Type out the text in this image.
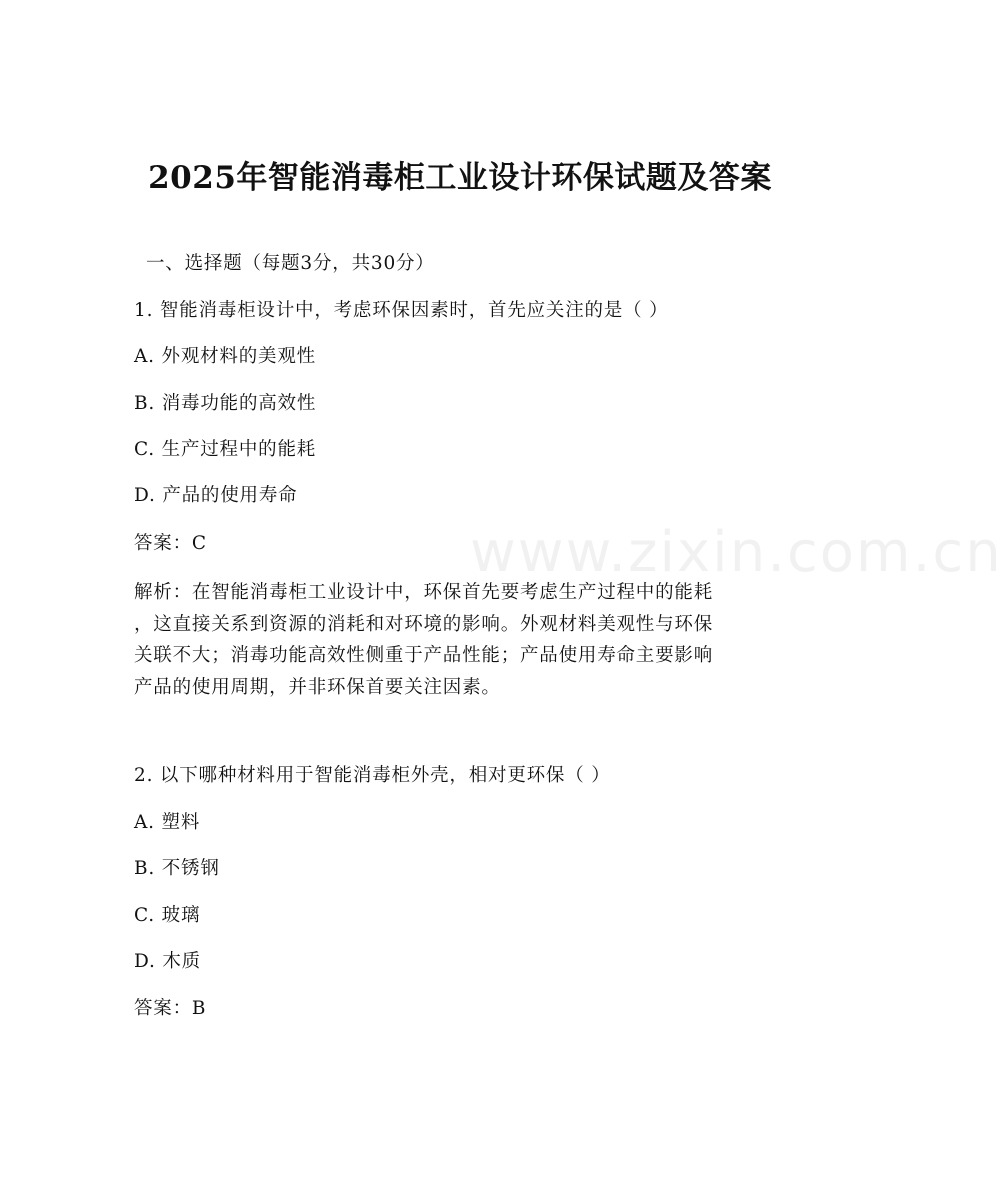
www.zixin.com.cn
2025年智能消毒柜工业设计环保试题及答案
一、选择题（每题3分，共30分）
1. 智能消毒柜设计中，考虑环保因素时，首先应关注的是（ ）
A. 外观材料的美观性
B. 消毒功能的高效性
C. 生产过程中的能耗
D. 产品的使用寿命
答案：C
解析：在智能消毒柜工业设计中，环保首先要考虑生产过程中的能耗
，这直接关系到资源的消耗和对环境的影响。外观材料美观性与环保
关联不大；消毒功能高效性侧重于产品性能；产品使用寿命主要影响
产品的使用周期，并非环保首要关注因素。
2. 以下哪种材料用于智能消毒柜外壳，相对更环保（ ）
A. 塑料
B. 不锈钢
C. 玻璃
D. 木质
答案：B
